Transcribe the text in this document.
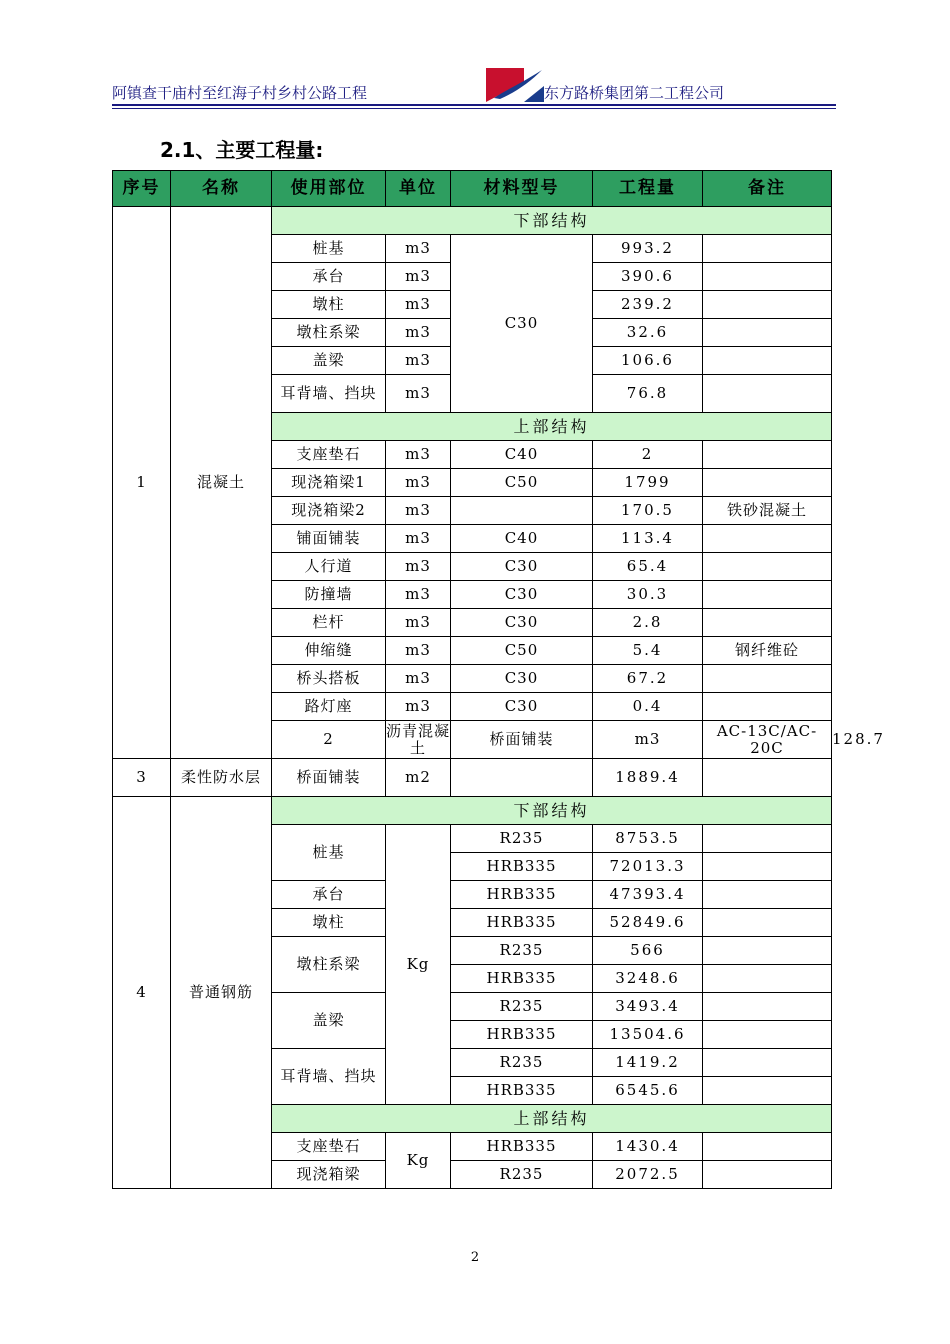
阿镇查干庙村至红海子村乡村公路工程	东方路桥集团第二工程公司
2.1、主要工程量:
序号	名称	使用部位	单位	材料型号	工程量	备注	
1	混凝土	下部结构					
		桩基	m3	C30	993.2		
		承台	m3		390.6		
		墩柱	m3		239.2		
		墩柱系梁	m3		32.6		
		盖梁	m3		106.6		
		耳背墙、挡块	m3		76.8		
		上部结构					
		支座垫石	m3	C40	2		
		现浇箱梁1	m3	C50	1799		
		现浇箱梁2	m3		170.5	铁砂混凝土	
		铺面铺装	m3	C40	113.4		
		人行道	m3	C30	65.4		
		防撞墙	m3	C30	30.3		
		栏杆	m3	C30	2.8		
		伸缩缝	m3	C50	5.4	钢纤维砼	
		桥头搭板	m3	C30	67.2		
		路灯座	m3	C30	0.4		
		2	沥青混凝土	桥面铺装	m3	AC-13C/AC-20C	128.7	
3	柔性防水层	桥面铺装	m2		1889.4		
4	普通钢筋	下部结构					
		桩基	Kg	R235	8753.5		
				HRB335	72013.3		
		承台		HRB335	47393.4		
		墩柱		HRB335	52849.6		
		墩柱系梁		R235	566		
				HRB335	3248.6		
		盖梁		R235	3493.4		
				HRB335	13504.6		
		耳背墙、挡块		R235	1419.2		
				HRB335	6545.6		
		上部结构					
		支座垫石	Kg	HRB335	1430.4		
		现浇箱梁		R235	2072.5		
2
